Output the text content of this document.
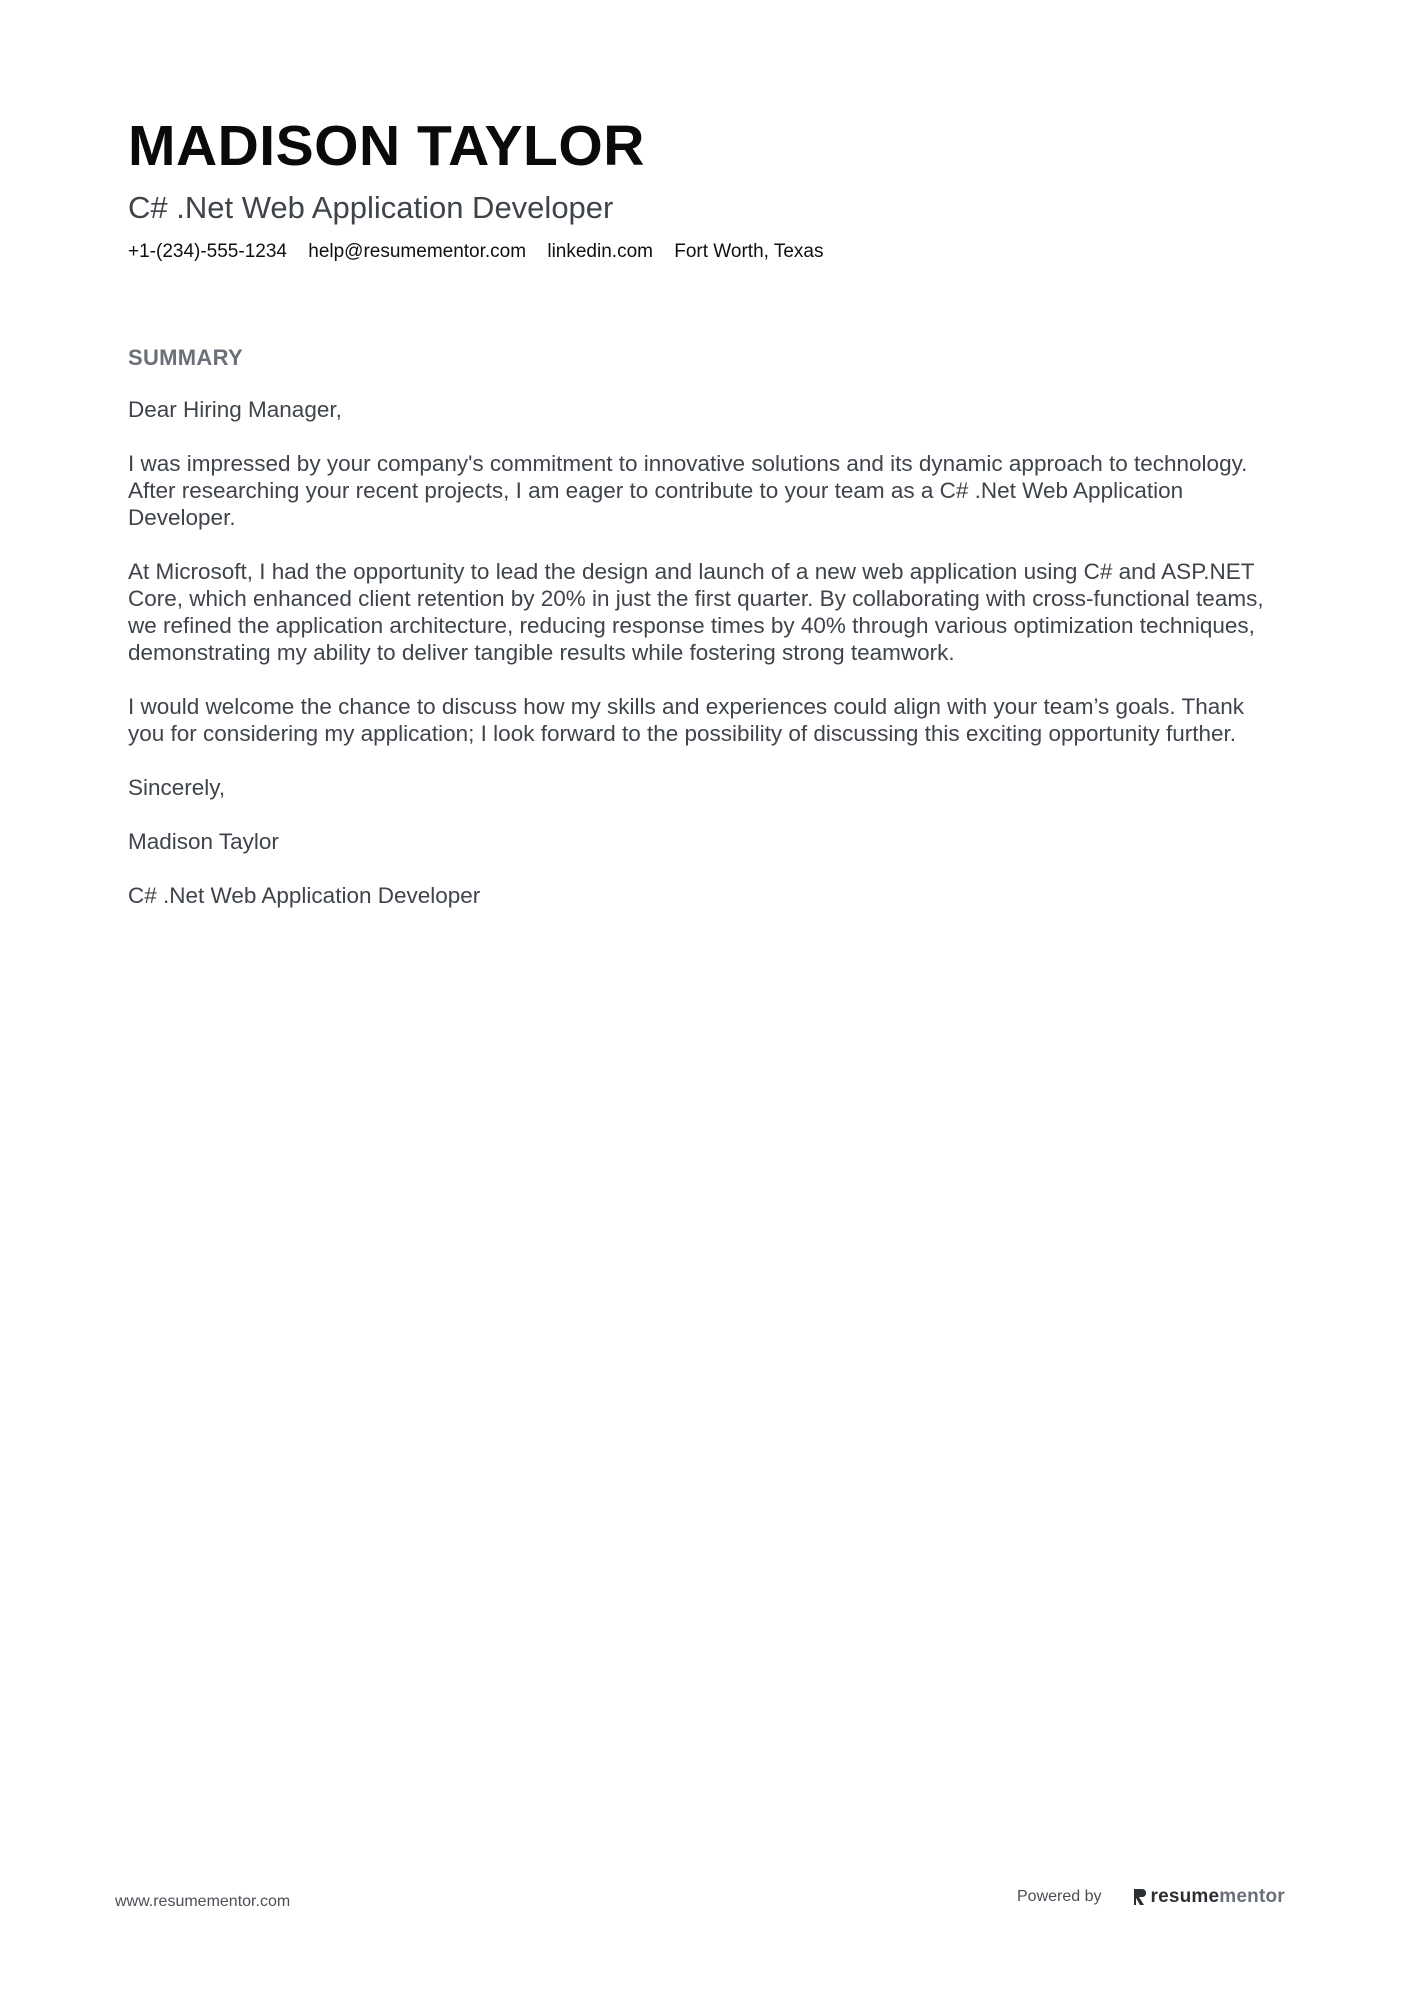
MADISON TAYLOR
C# .Net Web Application Developer
+1-(234)-555-1234 help@resumementor.com linkedin.com Fort Worth, Texas
SUMMARY

Dear Hiring Manager,

I was impressed by your company's commitment to innovative solutions and its dynamic approach to technology. After researching your recent projects, I am eager to contribute to your team as a C# .Net Web Application Developer.

At Microsoft, I had the opportunity to lead the design and launch of a new web application using C# and ASP.NET Core, which enhanced client retention by 20% in just the first quarter. By collaborating with cross-functional teams, we refined the application architecture, reducing response times by 40% through various optimization techniques, demonstrating my ability to deliver tangible results while fostering strong teamwork.

I would welcome the chance to discuss how my skills and experiences could align with your team’s goals. Thank you for considering my application; I look forward to the possibility of discussing this exciting opportunity further.

Sincerely,

Madison Taylor

C# .Net Web Application Developer

www.resumementor.com	Powered by	resume mentor
